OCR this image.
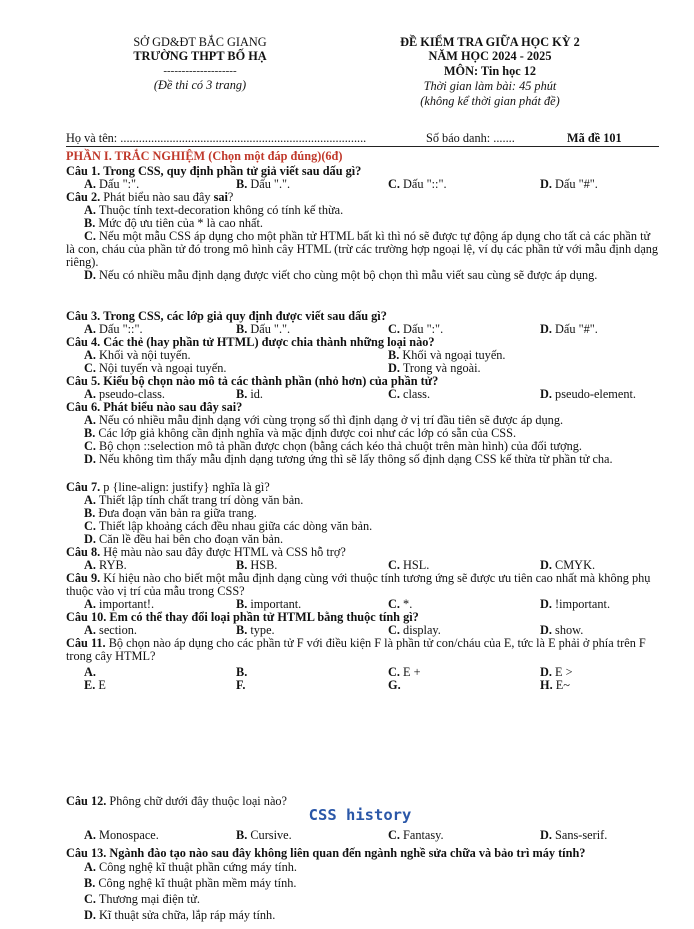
SỞ GD&ĐT BẮC GIANG
TRƯỜNG THPT BỐ HẠ
--------------------
(Đề thi có 3 trang)
ĐỀ KIỂM TRA GIỮA HỌC KỲ 2
NĂM HỌC 2024 - 2025
MÔN: Tin học 12
Thời gian làm bài: 45 phút
(không kể thời gian phát đề)
Họ và tên: ................................................................................	Số báo danh: .......	Mã đề 101
PHẦN I. TRẮC NGHIỆM (Chọn một đáp đúng)(6đ)
Câu 1. Trong CSS, quy định phần tử giả viết sau dấu gì?
A. Dấu ":".	B. Dấu ".".	C. Dấu "::".	D. Dấu "#".
Câu 2. Phát biểu nào sau đây sai?
A. Thuộc tính text-decoration không có tính kế thừa.
B. Mức độ ưu tiên của * là cao nhất.
C. Nếu một mẫu CSS áp dụng cho một phần tử HTML bất kì thì nó sẽ được tự động áp dụng cho tất cả các phần tử là con, cháu của phần tử đó trong mô hình cây HTML (trừ các trường hợp ngoại lệ, ví dụ các phần tử với mẫu định dạng riêng).
D. Nếu có nhiều mẫu định dạng được viết cho cùng một bộ chọn thì mẫu viết sau cùng sẽ được áp dụng.
Câu 3. Trong CSS, các lớp giả quy định được viết sau dấu gì?
A. Dấu "::".	B. Dấu ".".	C. Dấu ":".	D. Dấu "#".
Câu 4. Các thẻ (hay phần tử HTML) được chia thành những loại nào?
A. Khối và nội tuyến.	B. Khối và ngoại tuyến.
C. Nội tuyến và ngoại tuyến.	D. Trong và ngoài.
Câu 5. Kiểu bộ chọn nào mô tả các thành phần (nhỏ hơn) của phần tử?
A. pseudo-class.	B. id.	C. class.	D. pseudo-element.
Câu 6. Phát biểu nào sau đây sai?
A. Nếu có nhiều mẫu định dạng với cùng trọng số thì định dạng ở vị trí đầu tiên sẽ được áp dụng.
B. Các lớp giả không cần định nghĩa và mặc định được coi như các lớp có sẵn của CSS.
C. Bộ chọn ::selection mô tả phần được chọn (bằng cách kéo thả chuột trên màn hình) của đối tượng.
D. Nếu không tìm thấy mẫu định dạng tương ứng thì sẽ lấy thông số định dạng CSS kế thừa từ phần tử cha.
Câu 7. p {line-align: justify} nghĩa là gì?
A. Thiết lập tính chất trang trí dòng văn bản.
B. Đưa đoạn văn bản ra giữa trang.
C. Thiết lập khoảng cách đều nhau giữa các dòng văn bản.
D. Căn lề đều hai bên cho đoạn văn bản.
Câu 8. Hệ màu nào sau đây được HTML và CSS hỗ trợ?
A. RYB.	B. HSB.	C. HSL.	D. CMYK.
Câu 9. Kí hiệu nào cho biết một mẫu định dạng cùng với thuộc tính tương ứng sẽ được ưu tiên cao nhất mà không phụ thuộc vào vị trí của mẫu trong CSS?
A. important!.	B. important.	C. *.	D. !important.
Câu 10. Em có thể thay đổi loại phần tử HTML bằng thuộc tính gì?
A. section.	B. type.	C. display.	D. show.
Câu 11. Bộ chọn nào áp dụng cho các phần tử F với điều kiện F là phần tử con/cháu của E, tức là E phải ở phía trên F trong cây HTML?
A.	B.	C. E +	D. E >
E. E	F.	G.	H. E~
Câu 12. Phông chữ dưới đây thuộc loại nào?
CSS history
A. Monospace.	B. Cursive.	C. Fantasy.	D. Sans-serif.
Câu 13. Ngành đào tạo nào sau đây không liên quan đến ngành nghề sửa chữa và bảo trì máy tính?
A. Công nghệ kĩ thuật phần cứng máy tính.
B. Công nghệ kĩ thuật phần mềm máy tính.
C. Thương mại điện tử.
D. Kĩ thuật sửa chữa, lắp ráp máy tính.
